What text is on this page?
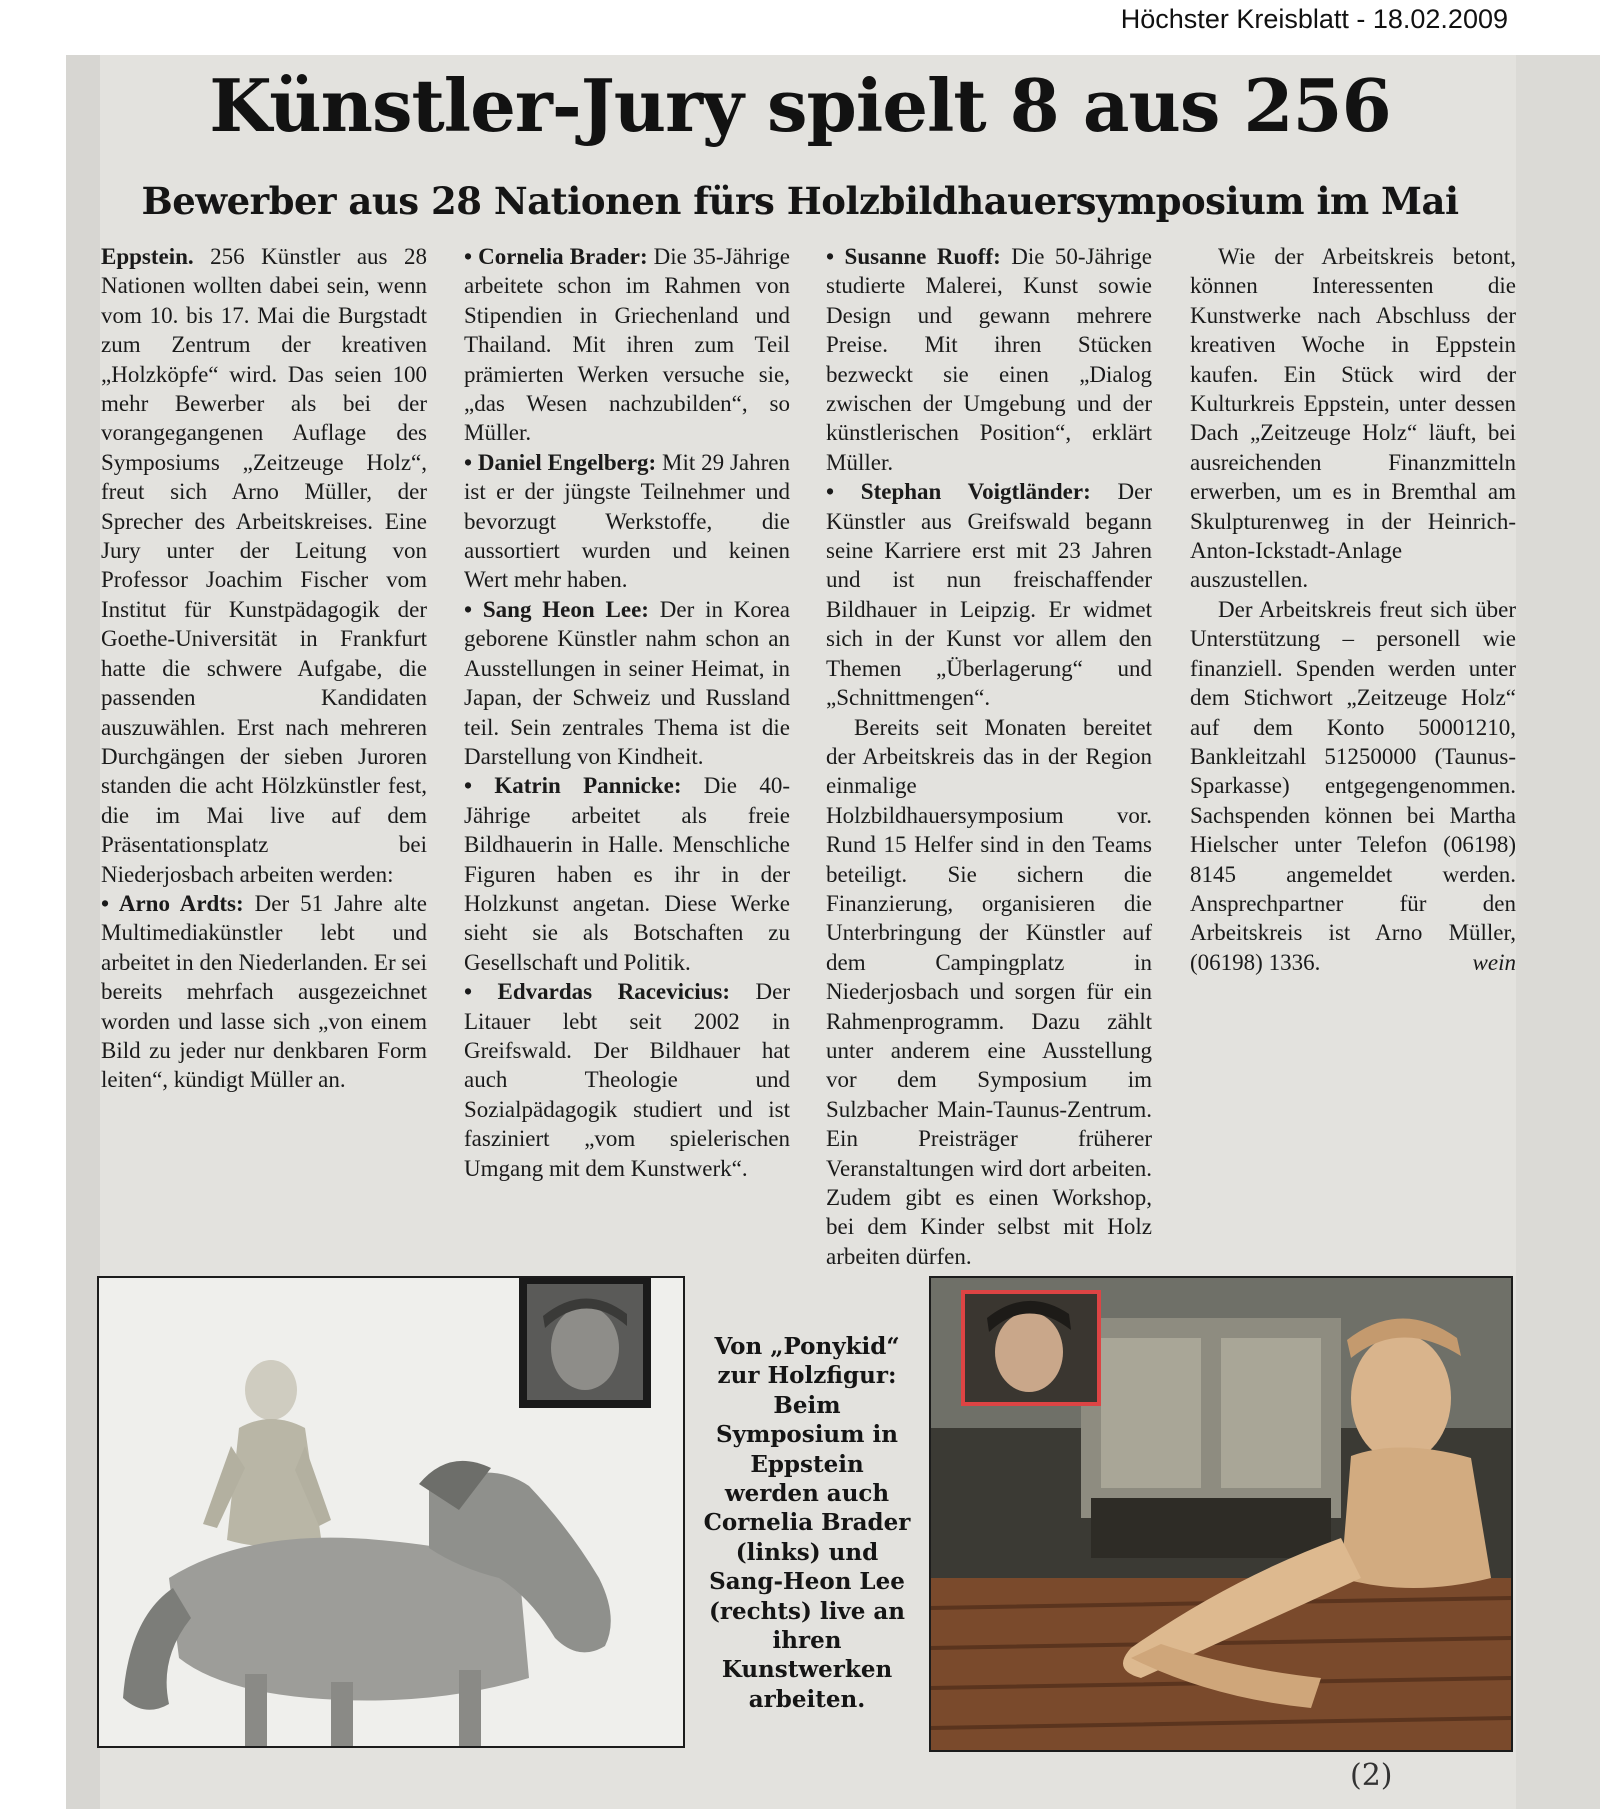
Höchster Kreisblatt - 18.02.2009
Künstler-Jury spielt 8 aus 256
Bewerber aus 28 Nationen fürs Holzbildhauersymposium im Mai

Eppstein. 256 Künstler aus 28 Nationen wollten dabei sein, wenn vom 10. bis 17. Mai die Burgstadt zum Zentrum der kreativen „Holzköpfe“ wird. Das seien 100 mehr Bewerber als bei der vorangegangenen Auflage des Symposiums „Zeitzeuge Holz“, freut sich Arno Müller, der Sprecher des Arbeitskreises. Eine Jury unter der Leitung von Professor Joachim Fischer vom Institut für Kunstpädagogik der Goethe-Universität in Frankfurt hatte die schwere Aufgabe, die passenden Kandidaten auszuwählen. Erst nach mehreren Durchgängen der sieben Juroren standen die acht Hölzkünstler fest, die im Mai live auf dem Präsentationsplatz bei Niederjosbach arbeiten werden:

• Arno Ardts: Der 51 Jahre alte Multimediakünstler lebt und arbeitet in den Niederlanden. Er sei bereits mehrfach ausgezeichnet worden und lasse sich „von einem Bild zu jeder nur denkbaren Form leiten“, kündigt Müller an.

• Cornelia Brader: Die 35-Jährige arbeitete schon im Rahmen von Stipendien in Griechenland und Thailand. Mit ihren zum Teil prämierten Werken versuche sie, „das Wesen nachzubilden“, so Müller.

• Daniel Engelberg: Mit 29 Jahren ist er der jüngste Teilnehmer und bevorzugt Werkstoffe, die aussortiert wurden und keinen Wert mehr haben.

• Sang Heon Lee: Der in Korea geborene Künstler nahm schon an Ausstellungen in seiner Heimat, in Japan, der Schweiz und Russland teil. Sein zentrales Thema ist die Darstellung von Kindheit.

• Katrin Pannicke: Die 40-Jährige arbeitet als freie Bildhauerin in Halle. Menschliche Figuren haben es ihr in der Holzkunst angetan. Diese Werke sieht sie als Botschaften zu Gesellschaft und Politik.

• Edvardas Racevicius: Der Litauer lebt seit 2002 in Greifswald. Der Bildhauer hat auch Theologie und Sozialpädagogik studiert und ist fasziniert „vom spielerischen Umgang mit dem Kunstwerk“.

• Susanne Ruoff: Die 50-Jährige studierte Malerei, Kunst sowie Design und gewann mehrere Preise. Mit ihren Stücken bezweckt sie einen „Dialog zwischen der Umgebung und der künstlerischen Position“, erklärt Müller.

• Stephan Voigtländer: Der Künstler aus Greifswald begann seine Karriere erst mit 23 Jahren und ist nun freischaffender Bildhauer in Leipzig. Er widmet sich in der Kunst vor allem den Themen „Überlagerung“ und „Schnittmengen“.

Bereits seit Monaten bereitet der Arbeitskreis das in der Region einmalige Holzbildhauersymposium vor. Rund 15 Helfer sind in den Teams beteiligt. Sie sichern die Finanzierung, organisieren die Unterbringung der Künstler auf dem Campingplatz in Niederjosbach und sorgen für ein Rahmenprogramm. Dazu zählt unter anderem eine Ausstellung vor dem Symposium im Sulzbacher Main-Taunus-Zentrum. Ein Preisträger früherer Veranstaltungen wird dort arbeiten. Zudem gibt es einen Workshop, bei dem Kinder selbst mit Holz arbeiten dürfen.

Wie der Arbeitskreis betont, können Interessenten die Kunstwerke nach Abschluss der kreativen Woche in Eppstein kaufen. Ein Stück wird der Kulturkreis Eppstein, unter dessen Dach „Zeitzeuge Holz“ läuft, bei ausreichenden Finanzmitteln erwerben, um es in Bremthal am Skulpturenweg in der Heinrich-Anton-Ickstadt-Anlage auszustellen.

Der Arbeitskreis freut sich über Unterstützung – personell wie finanziell. Spenden werden unter dem Stichwort „Zeitzeuge Holz“ auf dem Konto 50001210, Bankleitzahl 51250000 (Taunus-Sparkasse) entgegengenommen. Sachspenden können bei Martha Hielscher unter Telefon (06198) 8145 angemeldet werden. Ansprechpartner für den Arbeitskreis ist Arno Müller, (06198) 1336.	wein

Von „Ponykid“ zur Holzfigur: Beim Symposium in Eppstein werden auch Cornelia Brader (links) und Sang-Heon Lee (rechts) live an ihren Kunstwerken arbeiten.

(2)
